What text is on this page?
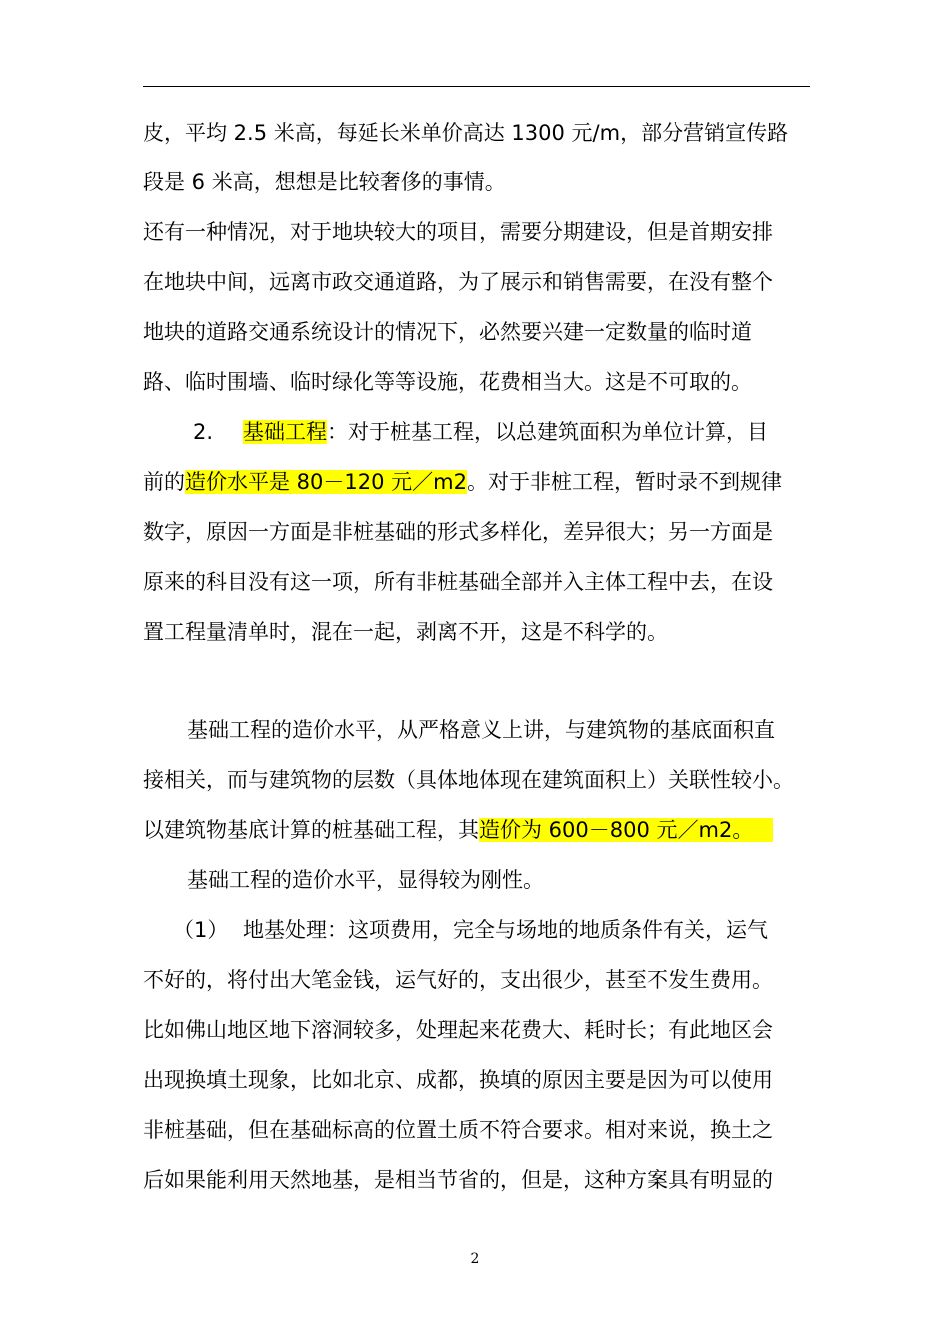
皮，平均 2.5 米高，每延长米单价高达 1300 元/m，部分营销宣传路
段是 6 米高，想想是比较奢侈的事情。
还有一种情况，对于地块较大的项目，需要分期建设，但是首期安排
在地块中间，远离市政交通道路，为了展示和销售需要，在没有整个
地块的道路交通系统设计的情况下，必然要兴建一定数量的临时道
路、临时围墙、临时绿化等等设施，花费相当大。这是不可取的。
2. 基础工程：对于桩基工程，以总建筑面积为单位计算，目
前的造价水平是 80－120 元／m2。对于非桩工程，暂时录不到规律
数字，原因一方面是非桩基础的形式多样化，差异很大；另一方面是
原来的科目没有这一项，所有非桩基础全部并入主体工程中去，在设
置工程量清单时，混在一起，剥离不开，这是不科学的。
基础工程的造价水平，从严格意义上讲，与建筑物的基底面积直
接相关，而与建筑物的层数（具体地体现在建筑面积上）关联性较小。
以建筑物基底计算的桩基础工程，其造价为 600－800 元／m2。
基础工程的造价水平，显得较为刚性。
（1） 地基处理：这项费用，完全与场地的地质条件有关，运气
不好的，将付出大笔金钱，运气好的，支出很少，甚至不发生费用。
比如佛山地区地下溶洞较多，处理起来花费大、耗时长；有此地区会
出现换填土现象，比如北京、成都，换填的原因主要是因为可以使用
非桩基础，但在基础标高的位置土质不符合要求。相对来说，换土之
后如果能利用天然地基，是相当节省的，但是，这种方案具有明显的
2
